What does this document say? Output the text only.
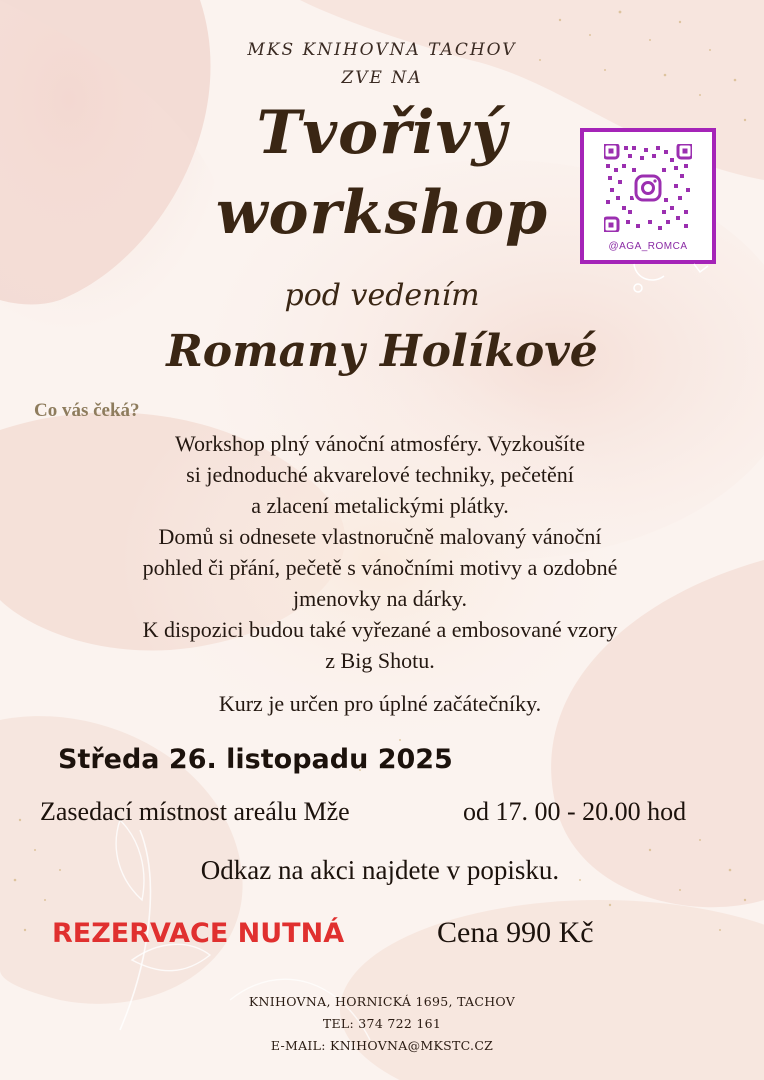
MKS KNIHOVNA TACHOV
ZVE NA
Tvořivý
workshop
pod vedením
Romany Holíkové
@AGA_ROMCA
Co vás čeká?
Workshop plný vánoční atmosféry. Vyzkoušíte
si jednoduché akvarelové techniky, pečetění
a zlacení metalickými plátky.
Domů si odnesete vlastnoručně malovaný vánoční
pohled či přání, pečetě s vánočními motivy a ozdobné
jmenovky na dárky.
K dispozici budou také vyřezané a embosované vzory
z Big Shotu.
Kurz je určen pro úplné začátečníky.
Středa 26. listopadu 2025
Zasedací místnost areálu Mže	od 17. 00 - 20.00 hod
Odkaz na akci najdete v popisku.
REZERVACE NUTNÁ	Cena 990 Kč
KNIHOVNA, HORNICKÁ 1695, TACHOV
TEL: 374 722 161
E-MAIL: KNIHOVNA@MKSTC.CZ
